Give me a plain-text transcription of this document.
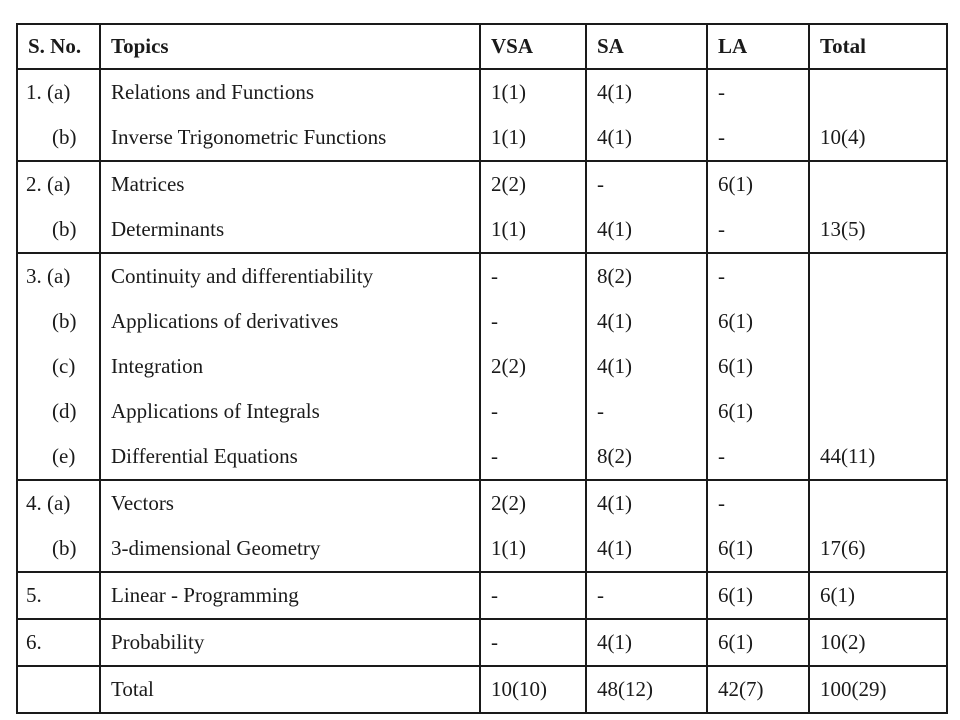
S. No.	Topics	VSA	SA	LA	Total
1. (a)	Relations and Functions	1(1)	4(1)	-	
(b)	Inverse Trigonometric Functions	1(1)	4(1)	-	10(4)
2. (a)	Matrices	2(2)	-	6(1)	
(b)	Determinants	1(1)	4(1)	-	13(5)
3. (a)	Continuity and differentiability	-	8(2)	-	
(b)	Applications of derivatives	-	4(1)	6(1)	
(c)	Integration	2(2)	4(1)	6(1)	
(d)	Applications of Integrals	-	-	6(1)	
(e)	Differential Equations	-	8(2)	-	44(11)
4. (a)	Vectors	2(2)	4(1)	-	
(b)	3-dimensional Geometry	1(1)	4(1)	6(1)	17(6)
5.	Linear - Programming	-	-	6(1)	6(1)
6.	Probability	-	4(1)	6(1)	10(2)
	Total	10(10)	48(12)	42(7)	100(29)
